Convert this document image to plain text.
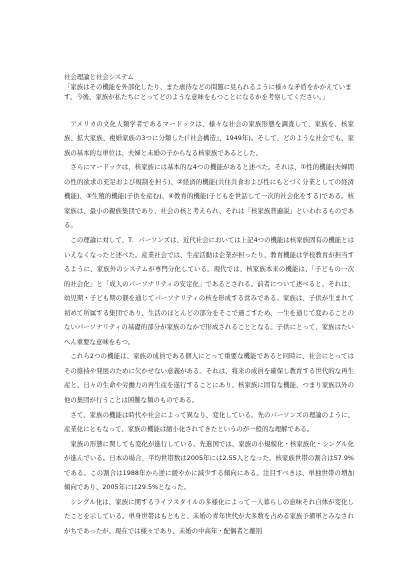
社会理論と社会システム

「家族はその機能を外部化したり、また虐待などの問題に見られるように様々な矛盾をかかえています。今後、家族が私たちにとってどのような意味をもつことになるかを考察してください。」

アメリカの文化人類学者であるマードックは、様々な社会の家族形態を調査して、家族を、核家族、拡大家族、複婚家族の3つに分類した(『社会構造』、1949年)。そして、どのような社会でも、家族の基本的な単位は、夫婦と未婚の子からなる核家族であるとした。

さらにマードックは、核家族には基本的な4つの機能があると述べた。それは、①性的機能(夫婦間の性的欲求の充足および規制を担う)、②経済的機能(共住共食および性にもとづく分業としての経済機能)、③生殖的機能(子供を産む)、④教育的機能(子どもを世話して一次的社会化をする)である。核家族は、最小の親族集団であり、社会の核と考えられ、それは「核家族普遍説」といわれるものである。

この理論に対して、T．パーソンズは、近代社会においては上記4つの機能は核家族固有の機能とはいえなくなったと述べた。産業社会では、生産活動は企業が担ったり、教育機能は学校教育が担当するように、家族外のシステムが専門分化している。現代では、核家族本来の機能は、「子どもの一次的社会化」と「成人のパーソナリティの安定化」であるとされる。前者について述べると、それは、幼児期・子ども期の躾を通じてパーソナリティの核を形成する営みである。家族は、子供が生まれて初めて所属する集団であり、生活のほとんどの部分をそこで過ごすため、一生を通じて変わることのないパーソナリティの基礎的部分が家族のなかで形成されることとなる。子供にとって、家族はたいへん重要な意味をもつ。

これら2つの機能は、家族の成員である個人にとって重要な機能であると同時に、社会にとってはその維持や発展のために欠かせない意義がある。それは、将来の成員を確保し教育する世代的な再生産と、日々の生命や労働力の再生産を遂行することにあり、核家族に固有な機能、つまり家族以外の他の集団が行うことは困難な類のものである。

さて、家族の機能は時代や社会によって異なり、変化している。先のパーソンズの理論のように、産業化にともなって、家族の機能は縮小化されてきたというのが一般的な理解である。

家族の形態に関しても変化が進行している。先進国では、家族の小規模化・核家族化・シングル化が進んでいる。日本の場合、平均世帯数は2005年には2.55人となった。核家族世帯の割合は57.9%である。この割合は1988年から逆に緩やかに減少する傾向にある。注目すべきは、単独世帯の増加傾向であり、2005年には29.5%となった。

シングル化は、家族に関するライフスタイルの多様化によって一人暮らしの意味それ自体が変化したことを示している。単身世帯はもともと、未婚の青年世代が大多数を占める家族予備軍とみなされがちであったが、現在では様々であり、未婚の中高年・配偶者と離別
